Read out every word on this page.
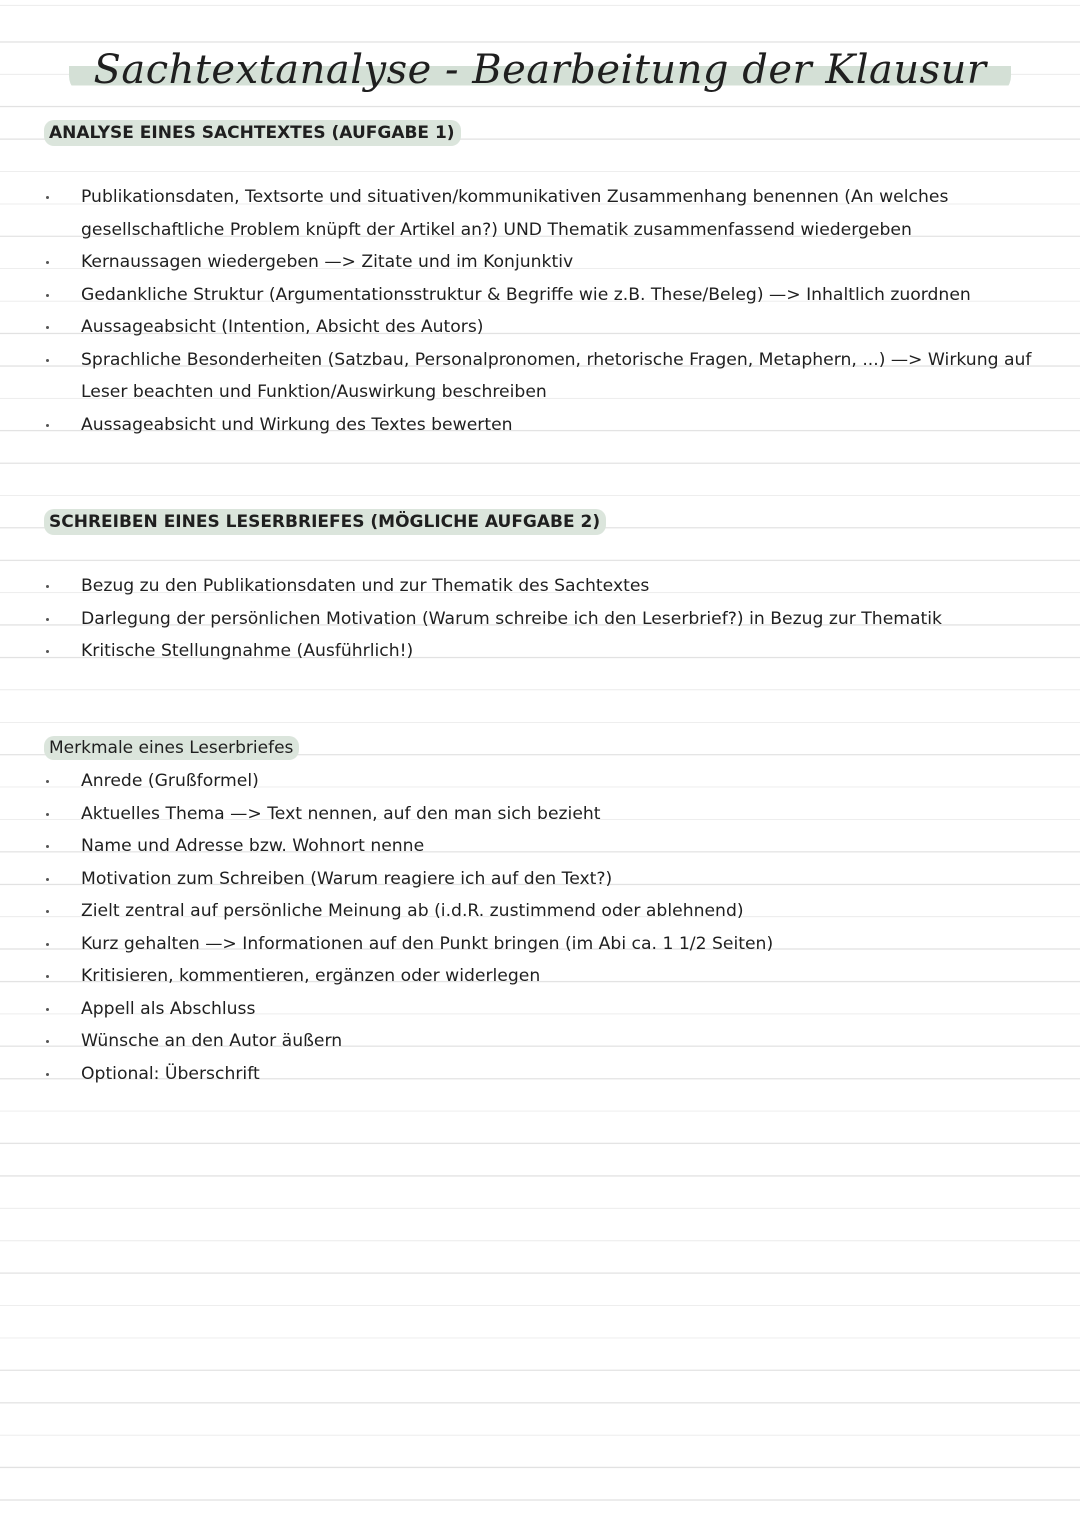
Sachtextanalyse - Bearbeitung der Klausur
ANALYSE EINES SACHTEXTES (AUFGABE 1)
Publikationsdaten, Textsorte und situativen/kommunikativen Zusammenhang benennen (An welches gesellschaftliche Problem knüpft der Artikel an?) UND Thematik zusammenfassend wiedergeben
Kernaussagen wiedergeben —> Zitate und im Konjunktiv
Gedankliche Struktur (Argumentationsstruktur & Begriffe wie z.B. These/Beleg) —> Inhaltlich zuordnen
Aussageabsicht (Intention, Absicht des Autors)
Sprachliche Besonderheiten (Satzbau, Personalpronomen, rhetorische Fragen, Metaphern, ...) —> Wirkung auf Leser beachten und Funktion/Auswirkung beschreiben
Aussageabsicht und Wirkung des Textes bewerten
SCHREIBEN EINES LESERBRIEFES (MÖGLICHE AUFGABE 2)
Bezug zu den Publikationsdaten und zur Thematik des Sachtextes
Darlegung der persönlichen Motivation (Warum schreibe ich den Leserbrief?) in Bezug zur Thematik
Kritische Stellungnahme (Ausführlich!)
Merkmale eines Leserbriefes
Anrede (Grußformel)
Aktuelles Thema —> Text nennen, auf den man sich bezieht
Name und Adresse bzw. Wohnort nenne
Motivation zum Schreiben (Warum reagiere ich auf den Text?)
Zielt zentral auf persönliche Meinung ab (i.d.R. zustimmend oder ablehnend)
Kurz gehalten —> Informationen auf den Punkt bringen (im Abi ca. 1 1/2 Seiten)
Kritisieren, kommentieren, ergänzen oder widerlegen
Appell als Abschluss
Wünsche an den Autor äußern
Optional: Überschrift
